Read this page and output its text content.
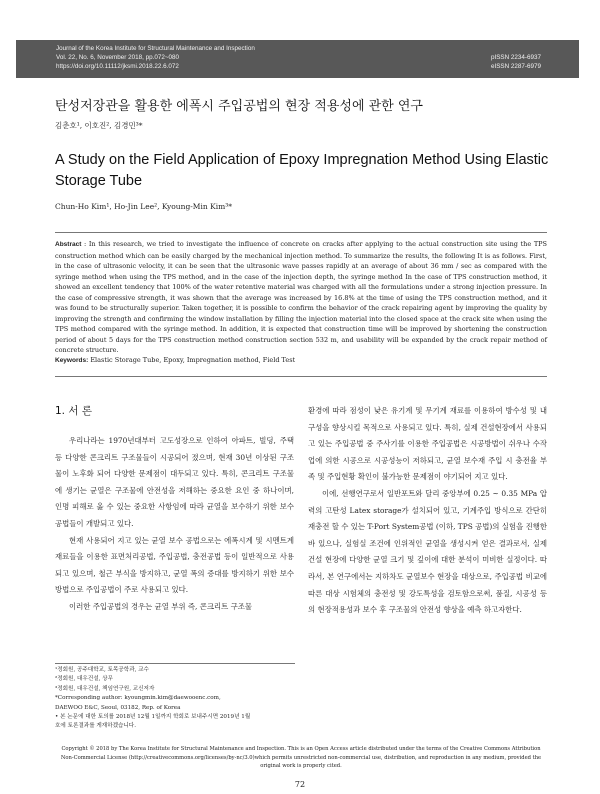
Journal of the Korea Institute for Structural Maintenance and Inspection
Vol. 22, No. 6, November 2018, pp.072~080
https://doi.org/10.11112/jksmi.2018.22.6.072
pISSN 2234-6937
eISSN 2287-6979
탄성저장관을 활용한 에폭시 주입공법의 현장 적용성에 관한 연구
김춘호¹, 이호진², 김경민³*
A Study on the Field Application of Epoxy Impregnation Method Using Elastic Storage Tube
Chun-Ho Kim¹, Ho-Jin Lee², Kyoung-Min Kim³*
Abstract : In this research, we tried to investigate the influence of concrete on cracks after applying to the actual construction site using the TPS construction method which can be easily charged by the mechanical injection method. To summarize the results, the following It is as follows. First, in the case of ultrasonic velocity, it can be seen that the ultrasonic wave passes rapidly at an average of about 36 mm / sec as compared with the syringe method when using the TPS method, and in the case of the injection depth, the syringe method In the case of TPS construction method, it showed an excellent tendency that 100% of the water retentive material was charged with all the formulations under a strong injection pressure. In the case of compressive strength, it was shown that the average was increased by 16.8% at the time of using the TPS construction method, and it was found to be structurally superior. Taken together, it is possible to confirm the behavior of the crack repairing agent by improving the quality by improving the strength and confirming the window installation by filling the injection material into the closed space at the crack site when using the TPS method compared with the syringe method. In addition, it is expected that construction time will be improved by shortening the construction period of about 5 days for the TPS construction method construction section 532 m, and usability will be expanded by the crack repair method of concrete structure.
Keywords: Elastic Storage Tube, Epoxy, Impregnation method, Field Test
1. 서 론

우리나라는 1970년대부터 고도성장으로 인하여 아파트, 빌딩, 주택 등 다양한 콘크리트 구조물들이 시공되어 졌으며, 현재 30년 이상된 구조물이 노후화 되어 다양한 문제점이 대두되고 있다. 특히, 콘크리트 구조물에 생기는 균열은 구조물에 안전성을 저해하는 중요한 요인 중 하나이며, 인명 피해로 옳 수 있는 중요한 사항임에 따라 균열을 보수하기 위한 보수공법들이 개발되고 있다.

현재 사용되어 지고 있는 균열 보수 공법으로는 에폭시계 및 시멘트계 재료들을 이용한 표면처리공법, 주입공법, 충전공법 등이 일반적으로 사용되고 있으며, 철근 부식을 방지하고, 균열 폭의 증대를 방지하기 위한 보수방법으로 주입공법이 주로 사용되고 있다.

이러한 주입공법의 경우는 균열 부위 즉, 콘크리트 구조물

환경에 따라 점성이 낮은 유기계 및 무기계 재료를 이용하여 방수성 및 내구성을 향상시킬 목적으로 사용되고 있다. 특히, 실제 건설현장에서 사용되고 있는 주입공법 중 주사기를 이용한 주입공법은 시공방법이 쉬우나 수작업에 의한 시공으로 시공성능이 저하되고, 균열 보수재 주입 시 충전율 부족 및 주입현황 확인이 불가능한 문제점이 야기되어 지고 있다.

이에, 선행연구로서 일반포트와 달리 중앙부에 0.25 ~ 0.35 MPa 압력의 고탄성 Latex storage가 설치되어 있고, 기계주입 방식으로 간단히 재충전 할 수 있는 T-Port System공법 (이하, TPS 공법)의 실험을 진행한바 있으나, 실험실 조건에 인위적인 균열을 생성시켜 얻은 결과로서, 실제 건설 현장에 다양한 균열 크기 및 깊이에 대한 분석이 미비한 실정이다. 따라서, 본 연구에서는 지하차도 균열보수 현장을 대상으로, 주입공법 비교에 따른 대상 시험체의 충전성 및 강도특성을 검토함으로써, 품질, 시공성 등의 현장적용성과 보수 후 구조물의 안전성 향상을 예측 하고자한다.

¹정회원, 공주대학교, 토목공학과, 교수
²정회원, 대우건설, 상무
³정회원, 대우건설, 책임연구원, 교신저자
*Corresponding author: kyoungmin.kim@daewooenc.com,
DAEWOO E&C, Seoul, 03182, Rep. of Korea
• 본 논문에 대한 토의를 2018년 12월 1일까지 학회로 보내주시면 2019년 1월
호에 토론결과를 게재하겠습니다.
Copyright © 2018 by The Korea Institute for Structural Maintenance and Inspection. This is an Open Access article distributed under the terms of the Creative Commons Attribution Non-Commercial License (http://creativecommons.org/licenses/by-nc/3.0)which permits unrestricted non-commercial use, distribution, and reproduction in any medium, provided the original work is properly cited.
72
